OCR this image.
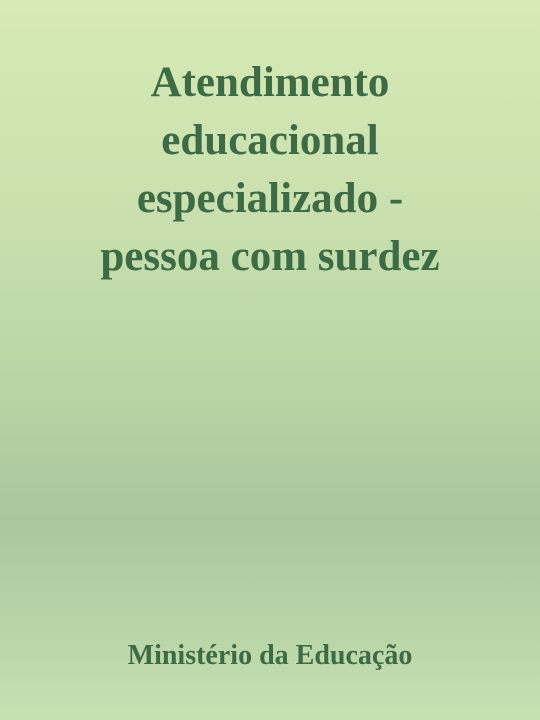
Atendimento
educacional
especializado -
pessoa com surdez
Ministério da Educação
